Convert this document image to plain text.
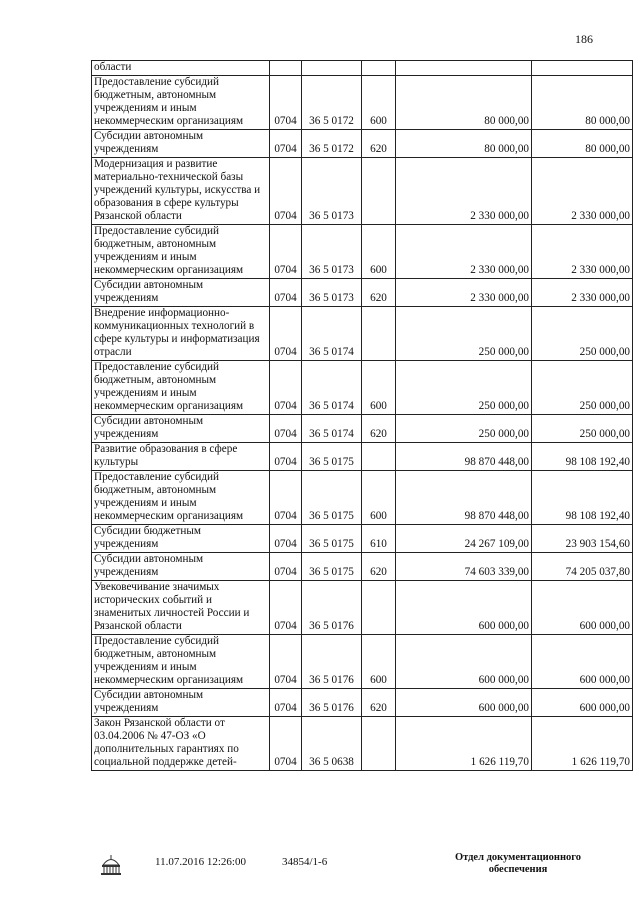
186
области					
Предоставление субсидий бюджетным, автономным учреждениям и иным некоммерческим организациям	0704	36 5 0172	600	80 000,00	80 000,00
Субсидии автономным учреждениям	0704	36 5 0172	620	80 000,00	80 000,00
Модернизация и развитие материально-технической базы учреждений культуры, искусства и образования в сфере культуры Рязанской области	0704	36 5 0173		2 330 000,00	2 330 000,00
Предоставление субсидий бюджетным, автономным учреждениям и иным некоммерческим организациям	0704	36 5 0173	600	2 330 000,00	2 330 000,00
Субсидии автономным учреждениям	0704	36 5 0173	620	2 330 000,00	2 330 000,00
Внедрение информационно-коммуникационных технологий в сфере культуры и информатизация отрасли	0704	36 5 0174		250 000,00	250 000,00
Предоставление субсидий бюджетным, автономным учреждениям и иным некоммерческим организациям	0704	36 5 0174	600	250 000,00	250 000,00
Субсидии автономным учреждениям	0704	36 5 0174	620	250 000,00	250 000,00
Развитие образования в сфере культуры	0704	36 5 0175		98 870 448,00	98 108 192,40
Предоставление субсидий бюджетным, автономным учреждениям и иным некоммерческим организациям	0704	36 5 0175	600	98 870 448,00	98 108 192,40
Субсидии бюджетным учреждениям	0704	36 5 0175	610	24 267 109,00	23 903 154,60
Субсидии автономным учреждениям	0704	36 5 0175	620	74 603 339,00	74 205 037,80
Увековечивание значимых исторических событий и знаменитых личностей России и Рязанской области	0704	36 5 0176		600 000,00	600 000,00
Предоставление субсидий бюджетным, автономным учреждениям и иным некоммерческим организациям	0704	36 5 0176	600	600 000,00	600 000,00
Субсидии автономным учреждениям	0704	36 5 0176	620	600 000,00	600 000,00
Закон Рязанской области от 03.04.2006 № 47-ОЗ «О дополнительных гарантиях по социальной поддержке детей-	0704	36 5 0638		1 626 119,70	1 626 119,70
11.07.2016 12:26:00	34854/1-6	Отдел документационного
обеспечения
